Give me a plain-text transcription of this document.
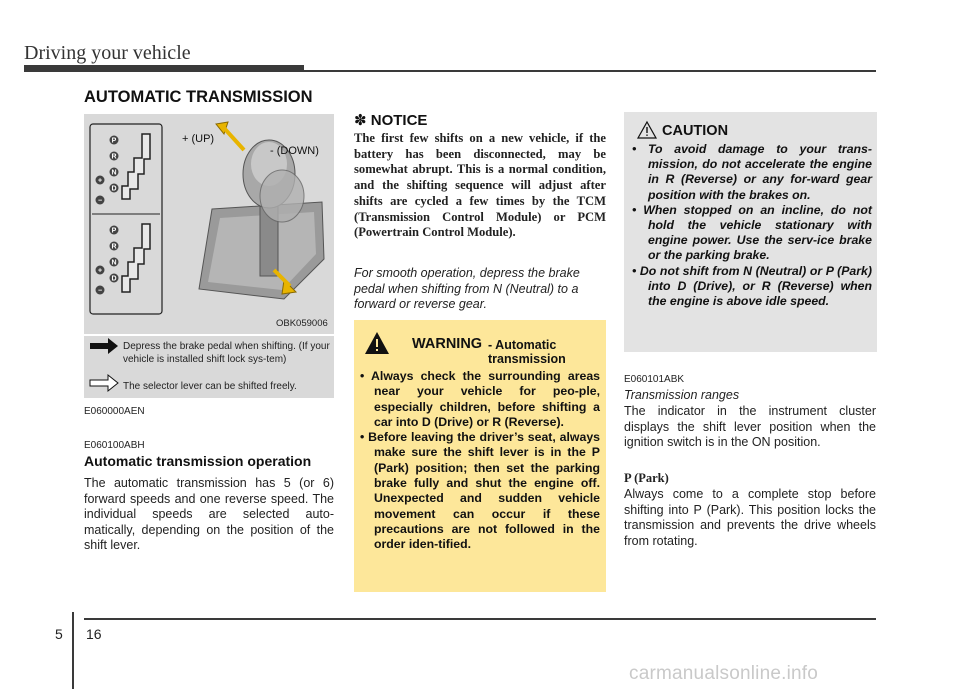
Driving your vehicle
AUTOMATIC TRANSMISSION
P
R
N
D
+
−
P
R
N
D
+
−
+ (UP)
- (DOWN)
OBK059006
Depress the brake pedal when shifting. (If your vehicle is installed shift lock sys-tem)
The selector lever can be shifted freely.
E060000AEN
E060100ABH
Automatic transmission operation
The automatic transmission has 5 (or 6) forward speeds and one reverse speed. The individual speeds are selected auto-matically, depending on the position of the shift lever.
✽ NOTICE
The first few shifts on a new vehicle, if the battery has been disconnected, may be somewhat abrupt. This is a normal condition, and the shifting sequence will adjust after shifts are cycled a few times by the TCM (Transmission Control Module) or PCM (Powertrain Control Module).
For smooth operation, depress the brake pedal when shifting from N (Neutral) to a forward or reverse gear.
WARNING - Automatic
transmission
• Always check the surrounding areas near your vehicle for peo-ple, especially children, before shifting a car into D (Drive) or R (Reverse).
• Before leaving the driver’s seat, always make sure the shift lever is in the P (Park) position; then set the parking brake fully and shut the engine off. Unexpected and sudden vehicle movement can occur if these precautions are not followed in the order iden-tified.
CAUTION
• To avoid damage to your trans-mission, do not accelerate the engine in R (Reverse) or any for-ward gear position with the brakes on.
• When stopped on an incline, do not hold the vehicle stationary with engine power. Use the serv-ice brake or the parking brake.
• Do not shift from N (Neutral) or P (Park) into D (Drive), or R (Reverse) when the engine is above idle speed.
E060101ABK
Transmission ranges
The indicator in the instrument cluster displays the shift lever position when the ignition switch is in the ON position.
P (Park)
Always come to a complete stop before shifting into P (Park). This position locks the transmission and prevents the drive wheels from rotating.
5 16
carmanualsonline.info
